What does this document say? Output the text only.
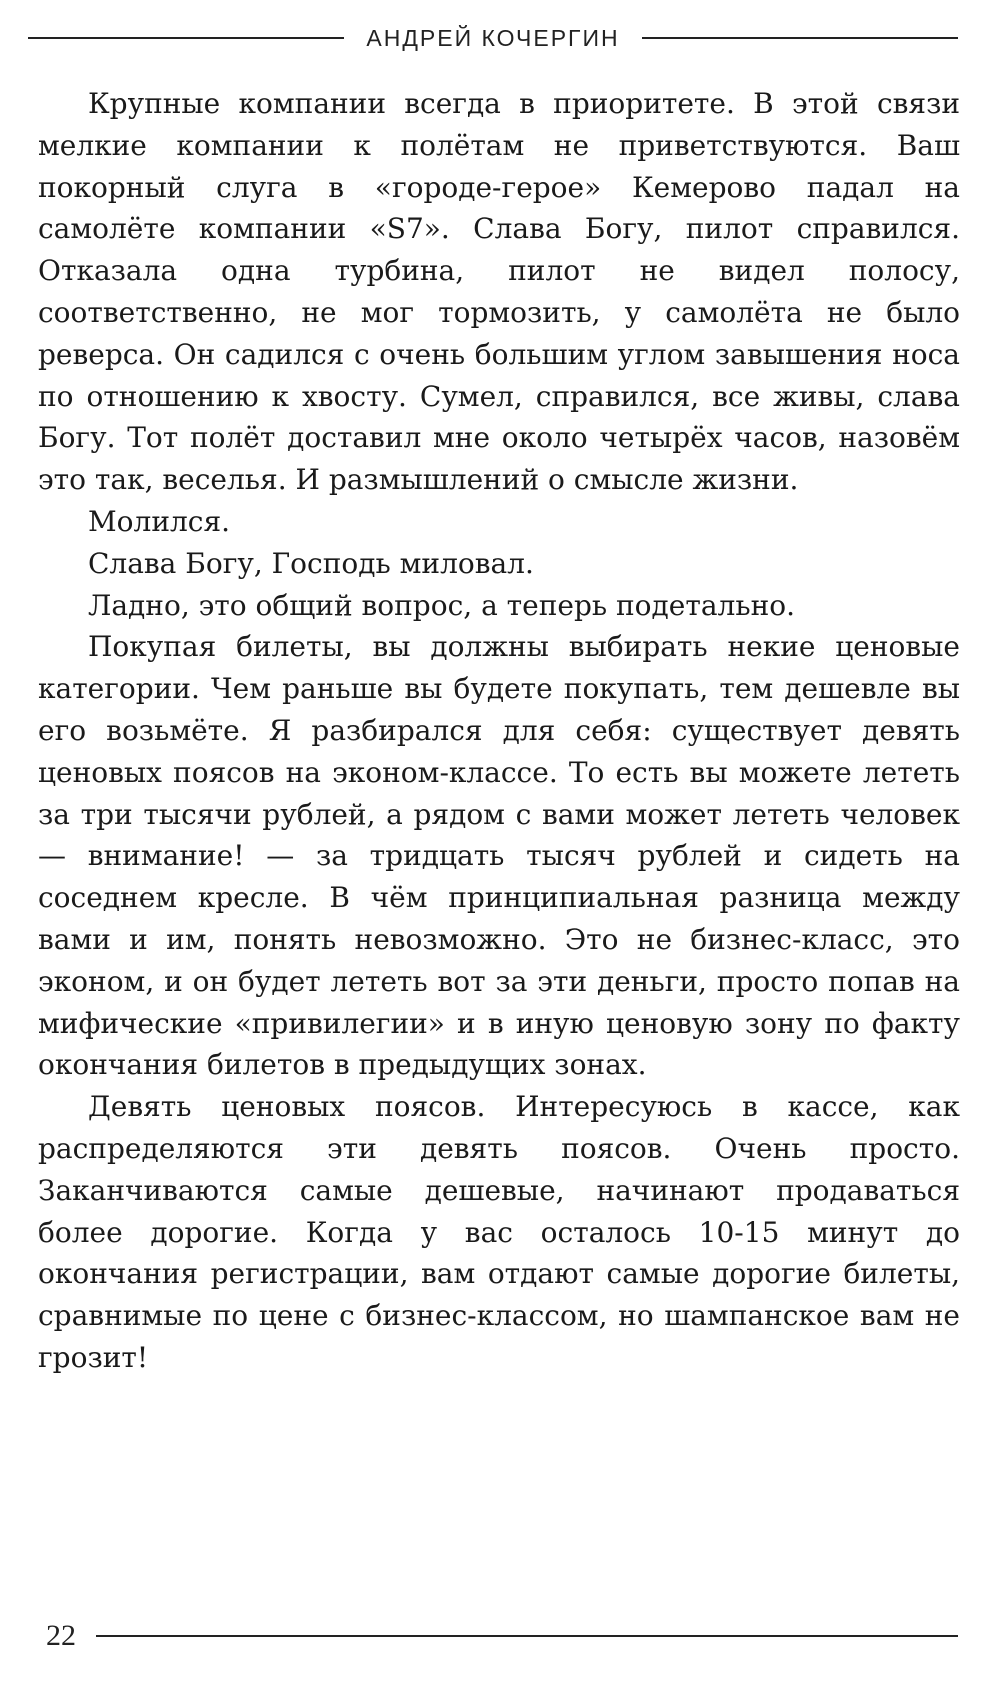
АНДРЕЙ КОЧЕРГИН

Крупные компании всегда в приоритете. В этой связи мелкие компании к полётам не приветствуются. Ваш покорный слуга в «городе-герое» Кемерово падал на самолёте компании «S7». Слава Богу, пилот справился. Отказала одна турбина, пилот не видел полосу, соответственно, не мог тормозить, у самолёта не было реверса. Он садился с очень большим углом завышения носа по отношению к хвосту. Сумел, справился, все живы, слава Богу. Тот полёт доставил мне около четырёх часов, назовём это так, веселья. И размышлений о смысле жизни.

Молился.

Слава Богу, Господь миловал.

Ладно, это общий вопрос, а теперь подетально.

Покупая билеты, вы должны выбирать некие ценовые категории. Чем раньше вы будете покупать, тем дешевле вы его возьмёте. Я разбирался для себя: существует девять ценовых поясов на эконом-классе. То есть вы можете лететь за три тысячи рублей, а рядом с вами может лететь человек — внимание! — за тридцать тысяч рублей и сидеть на соседнем кресле. В чём принципиальная разница между вами и им, понять невозможно. Это не бизнес-класс, это эконом, и он будет лететь вот за эти деньги, просто попав на мифические «привилегии» и в иную ценовую зону по факту окончания билетов в предыдущих зонах.

Девять ценовых поясов. Интересуюсь в кассе, как распределяются эти девять поясов. Очень просто. Заканчиваются самые дешевые, начинают продаваться более дорогие. Когда у вас осталось 10-15 минут до окончания регистрации, вам отдают самые дорогие билеты, сравнимые по цене с бизнес-классом, но шампанское вам не грозит!

22
